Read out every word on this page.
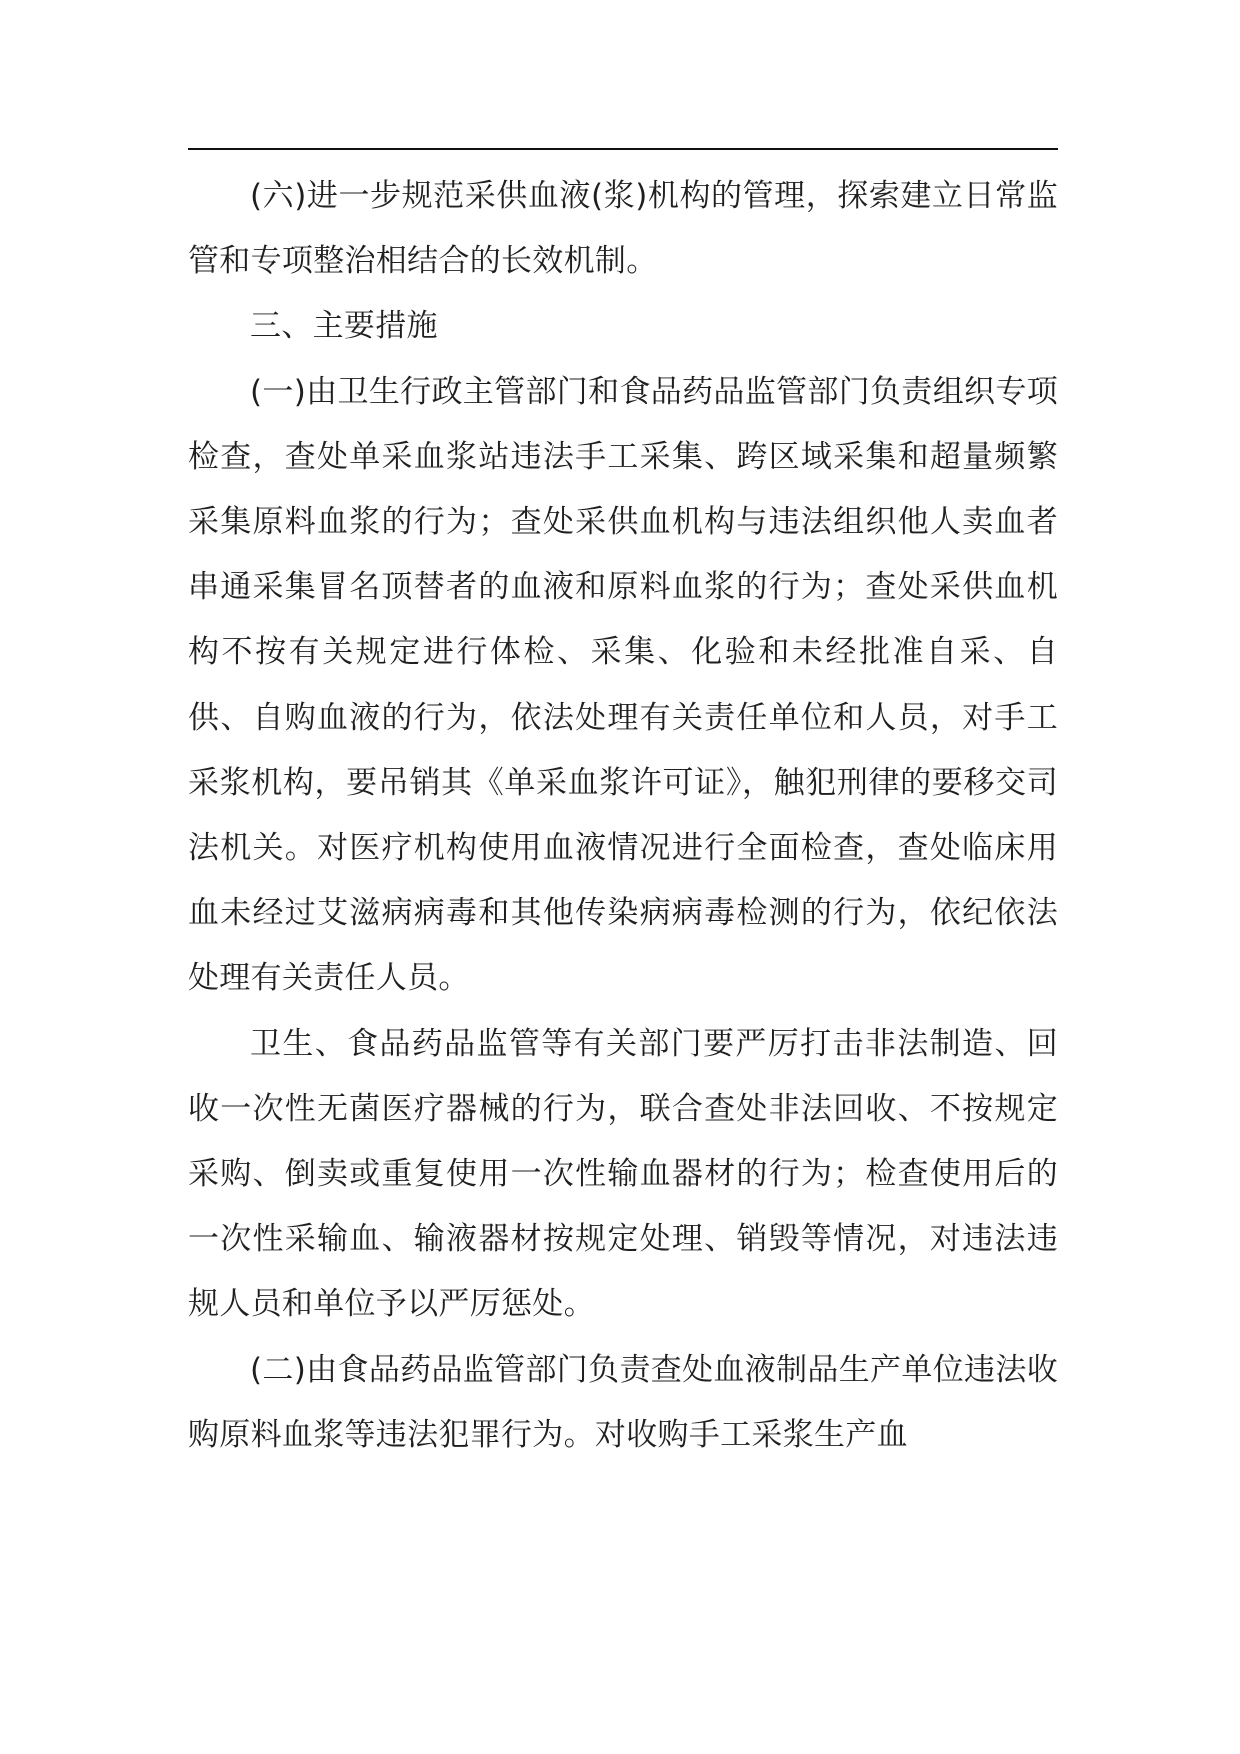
(六)进一步规范采供血液(浆)机构的管理，探索建立日常监管和专项整治相结合的长效机制。

三、主要措施

(一)由卫生行政主管部门和食品药品监管部门负责组织专项检查，查处单采血浆站违法手工采集、跨区域采集和超量频繁采集原料血浆的行为；查处采供血机构与违法组织他人卖血者串通采集冒名顶替者的血液和原料血浆的行为；查处采供血机构不按有关规定进行体检、采集、化验和未经批准自采、自供、自购血液的行为，依法处理有关责任单位和人员，对手工采浆机构，要吊销其《单采血浆许可证》，触犯刑律的要移交司法机关。对医疗机构使用血液情况进行全面检查，查处临床用血未经过艾滋病病毒和其他传染病病毒检测的行为，依纪依法处理有关责任人员。

卫生、食品药品监管等有关部门要严厉打击非法制造、回收一次性无菌医疗器械的行为，联合查处非法回收、不按规定采购、倒卖或重复使用一次性输血器材的行为；检查使用后的一次性采输血、输液器材按规定处理、销毁等情况，对违法违规人员和单位予以严厉惩处。

(二)由食品药品监管部门负责查处血液制品生产单位违法收购原料血浆等违法犯罪行为。对收购手工采浆生产血
